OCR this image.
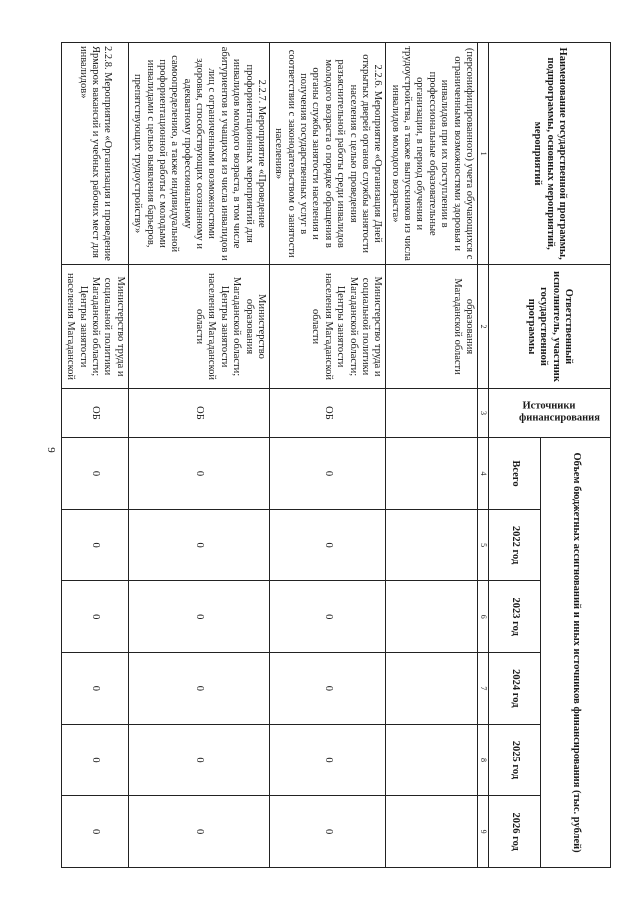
9
Наименование государственной программы, подпрограммы, основных мероприятий, мероприятий	Ответственный исполнитель, участник государственной программы	Источники финансирования	Объем бюджетных ассигнований и иных источников финансирования (тыс. рублей)					
			Всего	2022 год	2023 год	2024 год	2025 год	2026 год
1	2	3	4	5	6	7	8	9
(персонифицированного) учета обучающихся с ограниченными возможностями здоровья и инвалидов при их поступлении в профессиональные образовательные организации, в период обучения и трудоустройства, а также выпускников из числа инвалидов молодого возраста»	образования Магаданской области							
2.2.6. Мероприятие «Организация Дней открытых дверей органов службы занятости населения с целью проведения разъяснительной работы среди инвалидов молодого возраста о порядке обращения в органы службы занятости населения и получения государственных услуг в соответствии с законодательством о занятости населения»	Министерство труда и социальной политики Магаданской области; Центры занятости населения Магаданской области	ОБ	0	0	0	0	0	0
2.2.7. Мероприятие «Проведение профориентационных мероприятий для инвалидов молодого возраста, в том числе абитуриентов и учащихся из числа инвалидов и лиц с ограниченными возможностями здоровья, способствующих осознанному и адекватному профессиональному самоопределению, а также индивидуальной профориентационной работы с молодыми инвалидами с целью выявления барьеров, препятствующих трудоустройству»	Министерство образования Магаданской области; Центры занятости населения Магаданской области	ОБ	0	0	0	0	0	0
2.2.8. Мероприятие «Организация и проведение Ярмарок вакансий и учебных рабочих мест для инвалидов»	Министерство труда и социальной политики Магаданской области; Центры занятости населения Магаданской	ОБ	0	0	0	0	0	0
